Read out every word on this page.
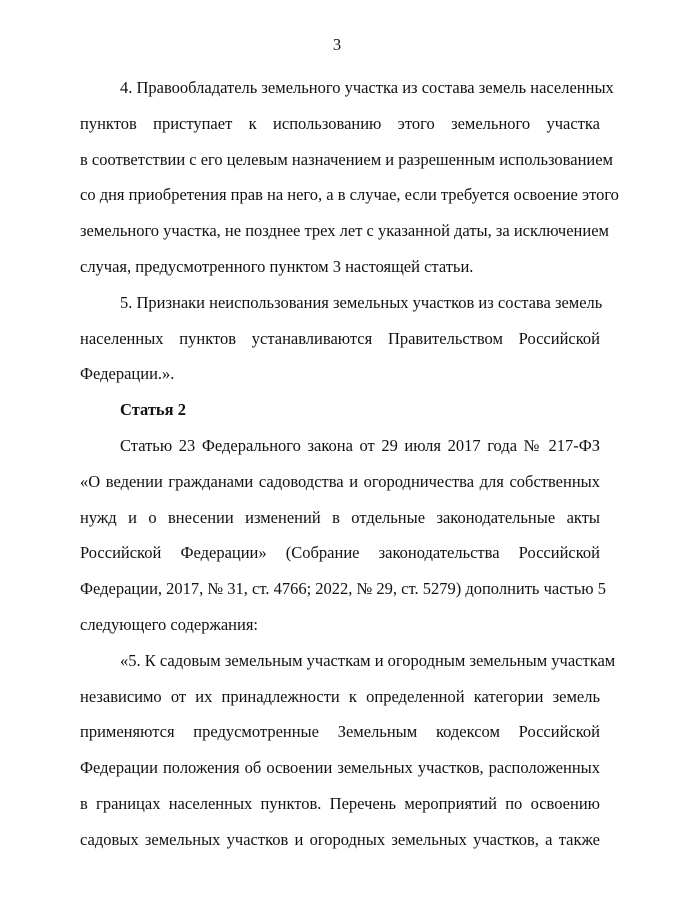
3
4. Правообладатель земельного участка из состава земель населенных
пунктов приступает к использованию этого земельного участка
в соответствии с его целевым назначением и разрешенным использованием
со дня приобретения прав на него, а в случае, если требуется освоение этого
земельного участка, не позднее трех лет с указанной даты, за исключением
случая, предусмотренного пунктом 3 настоящей статьи.
5. Признаки неиспользования земельных участков из состава земель
населенных пунктов устанавливаются Правительством Российской
Федерации.».
Статья 2
Статью 23 Федерального закона от 29 июля 2017 года № 217-ФЗ
«О ведении гражданами садоводства и огородничества для собственных
нужд и о внесении изменений в отдельные законодательные акты
Российской Федерации» (Собрание законодательства Российской
Федерации, 2017, № 31, ст. 4766; 2022, № 29, ст. 5279) дополнить частью 5
следующего содержания:
«5. К садовым земельным участкам и огородным земельным участкам
независимо от их принадлежности к определенной категории земель
применяются предусмотренные Земельным кодексом Российской
Федерации положения об освоении земельных участков, расположенных
в границах населенных пунктов. Перечень мероприятий по освоению
садовых земельных участков и огородных земельных участков, а также
